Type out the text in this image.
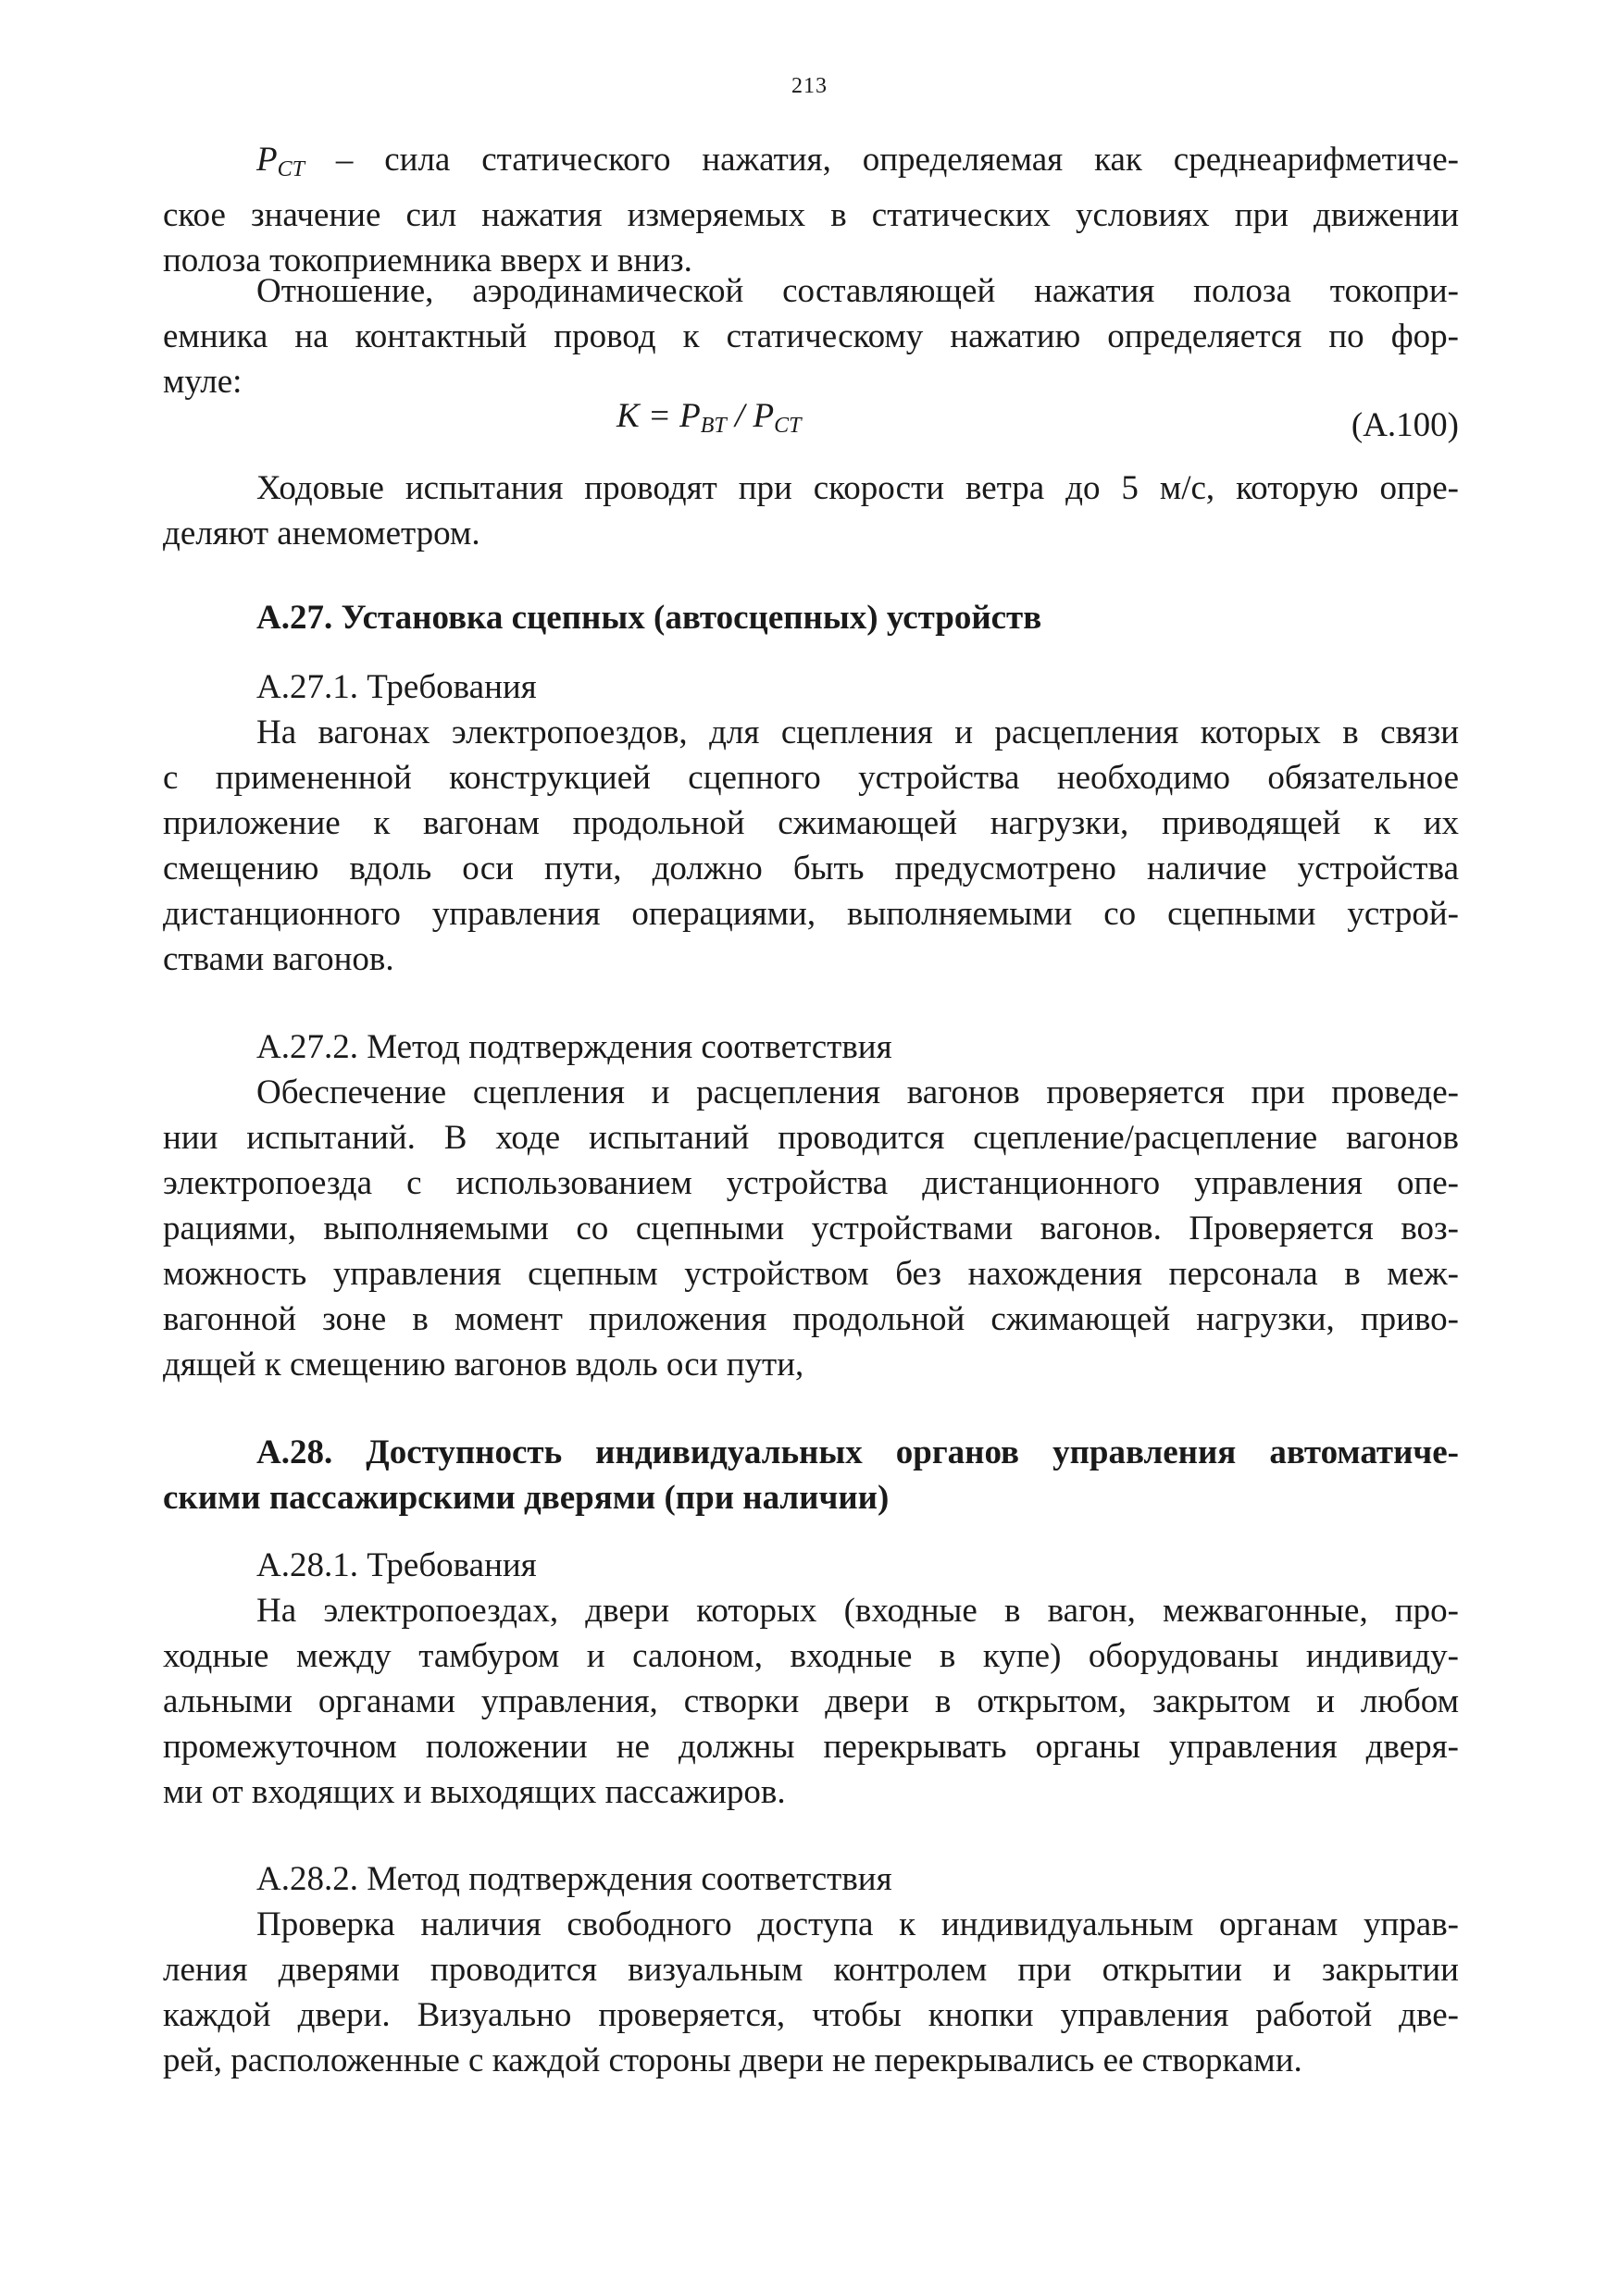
213
$P_{CT}$ – сила статического нажатия, определяемая как среднеарифметиче-
ское значение сил нажатия измеряемых в статических условиях при движении
полоза токоприемника вверх и вниз.
Отношение, аэродинамической составляющей нажатия полоза токопри-
емника на контактный провод к статическому нажатию определяется по фор-
муле:
$K = P_{BT} / P_{CT}$	(А.100)
Ходовые испытания проводят при скорости ветра до 5 м/с, которую опре-
деляют анемометром.
А.27. Установка сцепных (автосцепных) устройств
А.27.1. Требования
На вагонах электропоездов, для сцепления и расцепления которых в связи
с примененной конструкцией сцепного устройства необходимо обязательное
приложение к вагонам продольной сжимающей нагрузки, приводящей к их
смещению вдоль оси пути, должно быть предусмотрено наличие устройства
дистанционного управления операциями, выполняемыми со сцепными устрой-
ствами вагонов.
А.27.2. Метод подтверждения соответствия
Обеспечение сцепления и расцепления вагонов проверяется при проведе-
нии испытаний. В ходе испытаний проводится сцепление/расцепление вагонов
электропоезда с использованием устройства дистанционного управления опе-
рациями, выполняемыми со сцепными устройствами вагонов. Проверяется воз-
можность управления сцепным устройством без нахождения персонала в меж-
вагонной зоне в момент приложения продольной сжимающей нагрузки, приво-
дящей к смещению вагонов вдоль оси пути,
А.28. Доступность индивидуальных органов управления автоматиче-
скими пассажирскими дверями (при наличии)
А.28.1. Требования
На электропоездах, двери которых (входные в вагон, межвагонные, про-
ходные между тамбуром и салоном, входные в купе) оборудованы индивиду-
альными органами управления, створки двери в открытом, закрытом и любом
промежуточном положении не должны перекрывать органы управления дверя-
ми от входящих и выходящих пассажиров.
А.28.2. Метод подтверждения соответствия
Проверка наличия свободного доступа к индивидуальным органам управ-
ления дверями проводится визуальным контролем при открытии и закрытии
каждой двери. Визуально проверяется, чтобы кнопки управления работой две-
рей, расположенные с каждой стороны двери не перекрывались ее створками.
